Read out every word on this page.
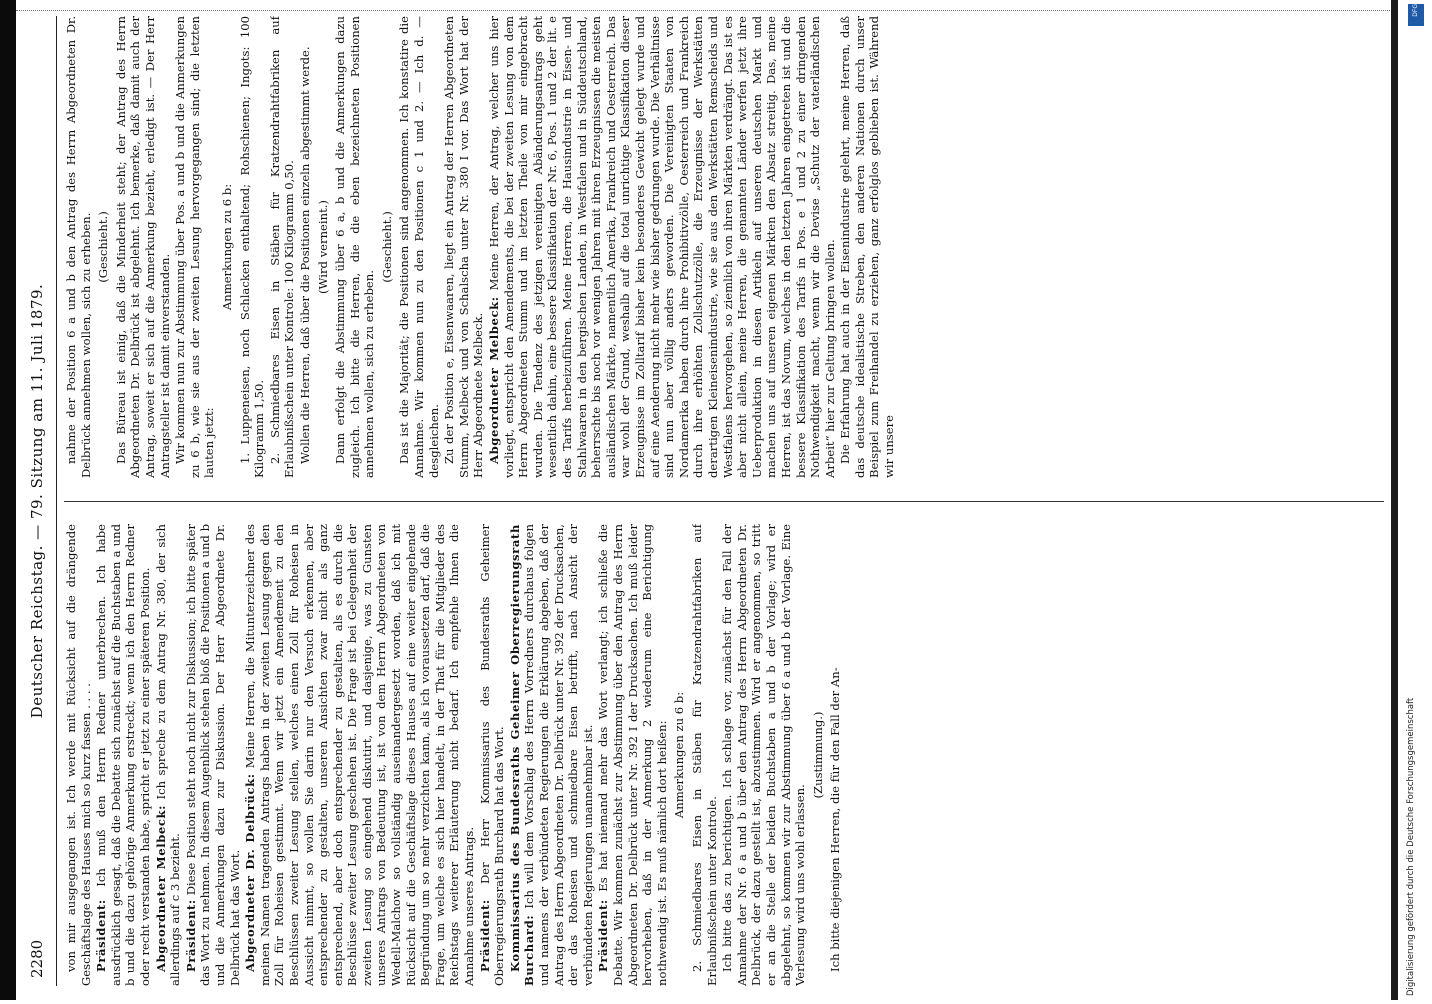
2280
Deutscher Reichstag. — 79. Sitzung am 11. Juli 1879.

von mir ausgegangen ist. Ich werde mit Rücksicht auf die drängende Geschäftslage des Hauses mich so kurz fassen . . . . Präsident: Ich muß den Herrn Redner unterbrechen. Ich habe ausdrücklich gesagt, daß die Debatte sich zunächst auf die Buchstaben a und b und die dazu gehörige Anmerkung erstreckt; wenn ich den Herrn Redner oder recht verstanden habe, spricht er jetzt zu einer späteren Position. Abgeordneter Melbeck: Ich spreche zu dem Antrag Nr. 380, der sich allerdings auf c 3 bezieht. Präsident: Diese Position steht noch nicht zur Diskussion; ich bitte später das Wort zu nehmen. In diesem Augenblick stehen bloß die Positionen a und b und die Anmerkungen dazu zur Diskussion. Der Herr Abgeordnete Dr. Delbrück hat das Wort. Abgeordneter Dr. Delbrück: Meine Herren, die Mitunterzeichner des meinen Namen tragenden Antrags haben in der zweiten Lesung gegen den Zoll für Roheisen gestimmt. Wenn wir jetzt ein Amendement zu den Beschlüssen zweiter Lesung stellen, welches einen Zoll für Roheisen in Aussicht nimmt, so wollen Sie darin nur den Versuch erkennen, aber entsprechender zu gestalten, unseren Ansichten zwar nicht als ganz entsprechend, aber doch entsprechender zu gestalten, als es durch die Beschlüsse zweiter Lesung geschehen ist. Die Frage ist bei Gelegenheit der zweiten Lesung so eingehend diskutirt, und dasjenige, was zu Gunsten unseres Antrags von Bedeutung ist, ist von dem Herrn Abgeordneten von Wedell-Malchow so vollständig auseinandergesetzt worden, daß ich mit Rücksicht auf die Geschäftslage dieses Hauses auf eine weiter eingehende Begründung um so mehr verzichten kann, als ich voraussetzen darf, daß die Frage, um welche es sich hier handelt, in der That für die Mitglieder des Reichstags weiterer Erläuterung nicht bedarf. Ich empfehle Ihnen die Annahme unseres Antrags. Präsident: Der Herr Kommissarius des Bundesraths Geheimer Oberregierungsrath Burchard hat das Wort. Kommissarius des Bundesraths Geheimer Oberregierungsrath Burchard: Ich will dem Vorschlag des Herrn Vorredners durchaus folgen und namens der verbündeten Regierungen die Erklärung abgeben, daß der Antrag des Herrn Abgeordneten Dr. Delbrück unter Nr. 392 der Drucksachen, der das Roheisen und schmiedbare Eisen betrifft, nach Ansicht der verbündeten Regierungen unannehmbar ist. Präsident: Es hat niemand mehr das Wort verlangt; ich schließe die Debatte. Wir kommen zunächst zur Abstimmung über den Antrag des Herrn Abgeordneten Dr. Delbrück unter Nr. 392 I der Drucksachen. Ich muß leider hervorheben, daß in der Anmerkung 2 wiederum eine Berichtigung nothwendig ist. Es muß nämlich dort heißen: Anmerkungen zu 6 b: 2. Schmiedbares Eisen in Stäben für Kratzendrahtfabriken auf Erlaubnißschein unter Kontrole. Ich bitte das zu berichtigen. Ich schlage vor, zunächst für den Fall der Annahme der Nr. 6 a und b über den Antrag des Herrn Abgeordneten Dr. Delbrück, der dazu gestellt ist, abzustimmen. Wird er angenommen, so tritt er an die Stelle der beiden Buchstaben a und b der Vorlage; wird er abgelehnt, so kommen wir zur Abstimmung über 6 a und b der Vorlage. Eine Verlesung wird uns wohl erlassen.

(Zustimmung.) Ich bitte diejenigen Herren, die für den Fall der An-

nahme der Position 6 a und b den Antrag des Herrn Abgeordneten Dr. Delbrück annehmen wollen, sich zu erheben. (Geschieht.) Das Büreau ist einig, daß die Minderheit steht; der Antrag des Herrn Abgeordneten Dr. Delbrück ist abgelehnt. Ich bemerke, daß damit auch der Antrag, soweit er sich auf die Anmerkung bezieht, erledigt ist. — Der Herr Antragsteller ist damit einverstanden. Wir kommen nun zur Abstimmung über Pos. a und b und die Anmerkungen zu 6 b, wie sie aus der zweiten Lesung hervorgegangen sind; die letzten lauten jetzt:

Anmerkungen zu 6 b: 1. Luppeneisen, noch Schlacken enthaltend; Rohschienen; Ingots: 100 Kilogramm 1,50. 2. Schmiedbares Eisen in Stäben für Kratzendrahtfabriken auf Erlaubnißschein unter Kontrole: 100 Kilogramm 0,50. Wollen die Herren, daß über die Positionen einzeln abgestimmt werde. (Wird verneint.) Dann erfolgt die Abstimmung über 6 a, b und die Anmerkungen dazu zugleich. Ich bitte die Herren, die die eben bezeichneten Positionen annehmen wollen, sich zu erheben.

(Geschieht.) Das ist die Majorität; die Positionen sind angenommen. Ich konstatire die Annahme. Wir kommen nun zu den Positionen c 1 und 2. — Ich d. — desgleichen. Zu der Position e, Eisenwaaren, liegt ein Antrag der Herren Abgeordneten Stumm, Melbeck und von Schalscha unter Nr. 380 I vor. Das Wort hat der Herr Abgeordnete Melbeck. Abgeordneter Melbeck: Meine Herren, der Antrag, welcher uns hier vorliegt, entspricht den Amendements, die bei der zweiten Lesung von dem Herrn Abgeordneten Stumm und im letzten Theile von mir eingebracht wurden. Die Tendenz des jetzigen vereinigten Abänderungsantrags geht wesentlich dahin, eine bessere Klassifikation der Nr. 6, Pos. 1 und 2 der lit. e des Tarifs herbeizuführen. Meine Herren, die Hausindustrie in Eisen- und Stahlwaaren in den bergischen Landen, in Westfalen und in Süddeutschland, beherrschte bis noch vor wenigen Jahren mit ihren Erzeugnissen die meisten ausländischen Märkte, namentlich Amerika, Frankreich und Oesterreich. Das war wohl der Grund, weshalb auf die total unrichtige Klassifikation dieser Erzeugnisse im Zolltarif bisher kein besonderes Gewicht gelegt wurde und auf eine Aenderung nicht mehr wie bisher gedrungen wurde. Die Verhältnisse sind nun aber völlig anders geworden. Die Vereinigten Staaten von Nordamerika haben durch ihre Prohibitivzölle, Oesterreich und Frankreich durch ihre erhöhten Zollschutzzölle, die Erzeugnisse der Werkstätten derartigen Kleineisenindustrie, wie sie aus den Werkstätten Remscheids und Westfalens hervorgehen, so ziemlich von ihren Märkten verdrängt. Das ist es aber nicht allein, meine Herren, die genannten Länder werfen jetzt ihre Ueberproduktion in diesen Artikeln auf unseren deutschen Markt und machen uns auf unseren eigenen Märkten den Absatz streitig. Das, meine Herren, ist das Novum, welches in den letzten Jahren eingetreten ist und die bessere Klassifikation des Tarifs in Pos. e 1 und 2 zu einer dringenden Nothwendigkeit macht, wenn wir die Devise „Schutz der vaterländischen Arbeit“ hier zur Geltung bringen wollen. Die Erfahrung hat auch in der Eisenindustrie gelehrt, meine Herren, daß das deutsche idealistische Streben, den anderen Nationen durch unser Beispiel zum Freihandel zu erziehen, ganz erfolglos geblieben ist. Während wir unsere

Digitalisierung gefördert durch die Deutsche Forschungsgemeinschaft
DFG
